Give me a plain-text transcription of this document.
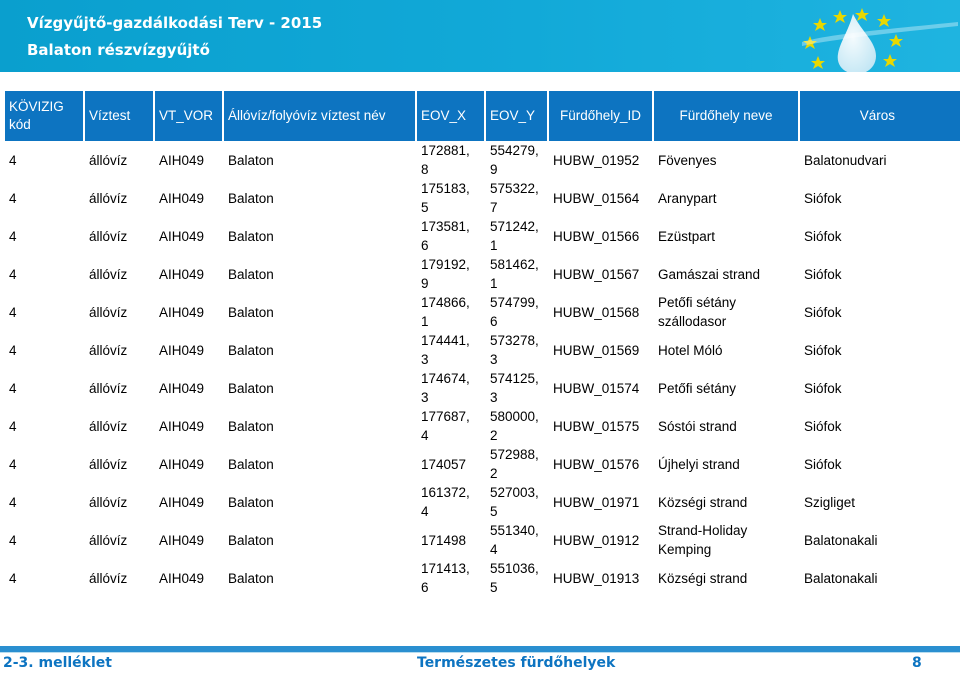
Vízgyűjtő-gazdálkodási Terv - 2015
Balaton részvízgyűjtő
KÖVIZIG kód	Víztest	VT_VOR	Állóvíz/folyóvíz víztest név	EOV_X	EOV_Y	Fürdőhely_ID	Fürdőhely neve	Város
4	állóvíz	AIH049	Balaton	172881, 8	554279, 9	HUBW_01952	Fövenyes	Balatonudvari
4	állóvíz	AIH049	Balaton	175183, 5	575322, 7	HUBW_01564	Aranypart	Siófok
4	állóvíz	AIH049	Balaton	173581, 6	571242, 1	HUBW_01566	Ezüstpart	Siófok
4	állóvíz	AIH049	Balaton	179192, 9	581462, 1	HUBW_01567	Gamászai strand	Siófok
4	állóvíz	AIH049	Balaton	174866, 1	574799, 6	HUBW_01568	Petőfi sétány szállodasor	Siófok
4	állóvíz	AIH049	Balaton	174441, 3	573278, 3	HUBW_01569	Hotel Móló	Siófok
4	állóvíz	AIH049	Balaton	174674, 3	574125, 3	HUBW_01574	Petőfi sétány	Siófok
4	állóvíz	AIH049	Balaton	177687, 4	580000, 2	HUBW_01575	Sóstói strand	Siófok
4	állóvíz	AIH049	Balaton	174057	572988, 2	HUBW_01576	Újhelyi strand	Siófok
4	állóvíz	AIH049	Balaton	161372, 4	527003, 5	HUBW_01971	Községi strand	Szigliget
4	állóvíz	AIH049	Balaton	171498	551340, 4	HUBW_01912	Strand-Holiday Kemping	Balatonakali
4	állóvíz	AIH049	Balaton	171413, 6	551036, 5	HUBW_01913	Községi strand	Balatonakali
2-3. melléklet	Természetes fürdőhelyek	8
